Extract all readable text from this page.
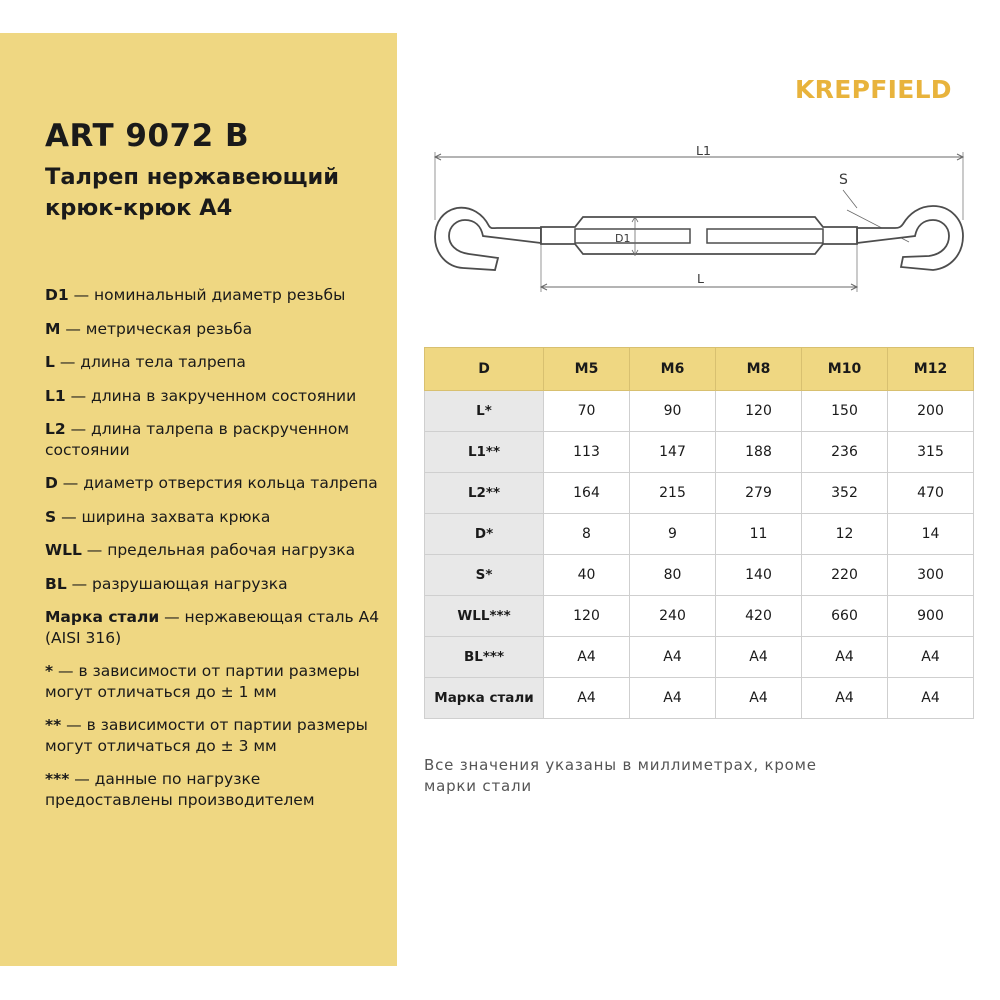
ART 9072 B
Талреп нержавеющий крюк-крюк А4
D1 — номинальный диаметр резьбы
M — метрическая резьба
L — длина тела талрепа
L1 — длина в закрученном состоянии
L2 — длина талрепа в раскрученном состоянии
D — диаметр отверстия кольца талрепа
S — ширина захвата крюка
WLL — предельная рабочая нагрузка
BL — разрушающая нагрузка
Марка стали — нержавеющая сталь А4 (AISI 316)
* — в зависимости от партии размеры могут отличаться до ± 1 мм
** — в зависимости от партии размеры могут отличаться до ± 3 мм
*** — данные по нагрузке предоставлены производителем
KREPFIELD
L1
L
S
D1
D	M5	M6	M8	M10	M12
L*	70	90	120	150	200
L1**	113	147	188	236	315
L2**	164	215	279	352	470
D*	8	9	11	12	14
S*	40	80	140	220	300
WLL***	120	240	420	660	900
BL***	А4	А4	А4	А4	А4
Марка стали	А4	А4	А4	А4	А4
Все значения указаны в миллиметрах, кроме марки стали
